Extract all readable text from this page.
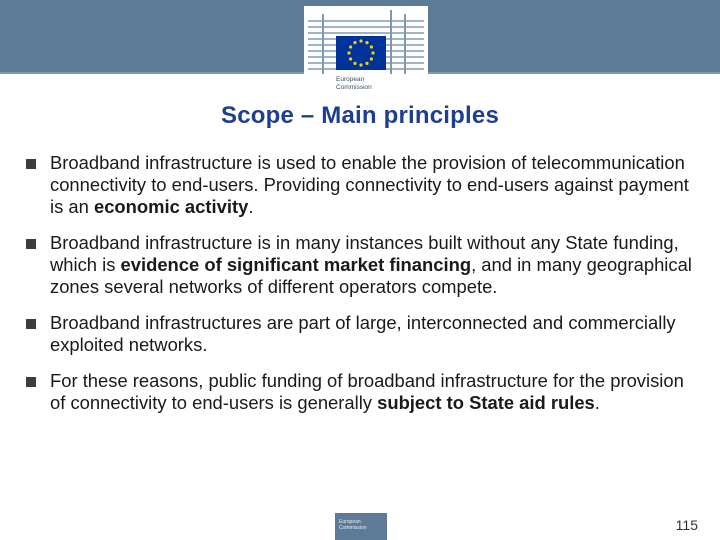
European
Commission
Scope – Main principles
Broadband infrastructure is used to enable the provision of telecommunication connectivity to end-users. Providing connectivity to end-users against payment is an economic activity.
Broadband infrastructure is in many instances built without any State funding, which is evidence of significant market financing, and in many geographical zones several networks of different operators compete.
Broadband infrastructures are part of large, interconnected and commercially exploited networks.
For these reasons, public funding of broadband infrastructure for the provision of connectivity to end-users is generally subject to State aid rules.
European Commission	115
